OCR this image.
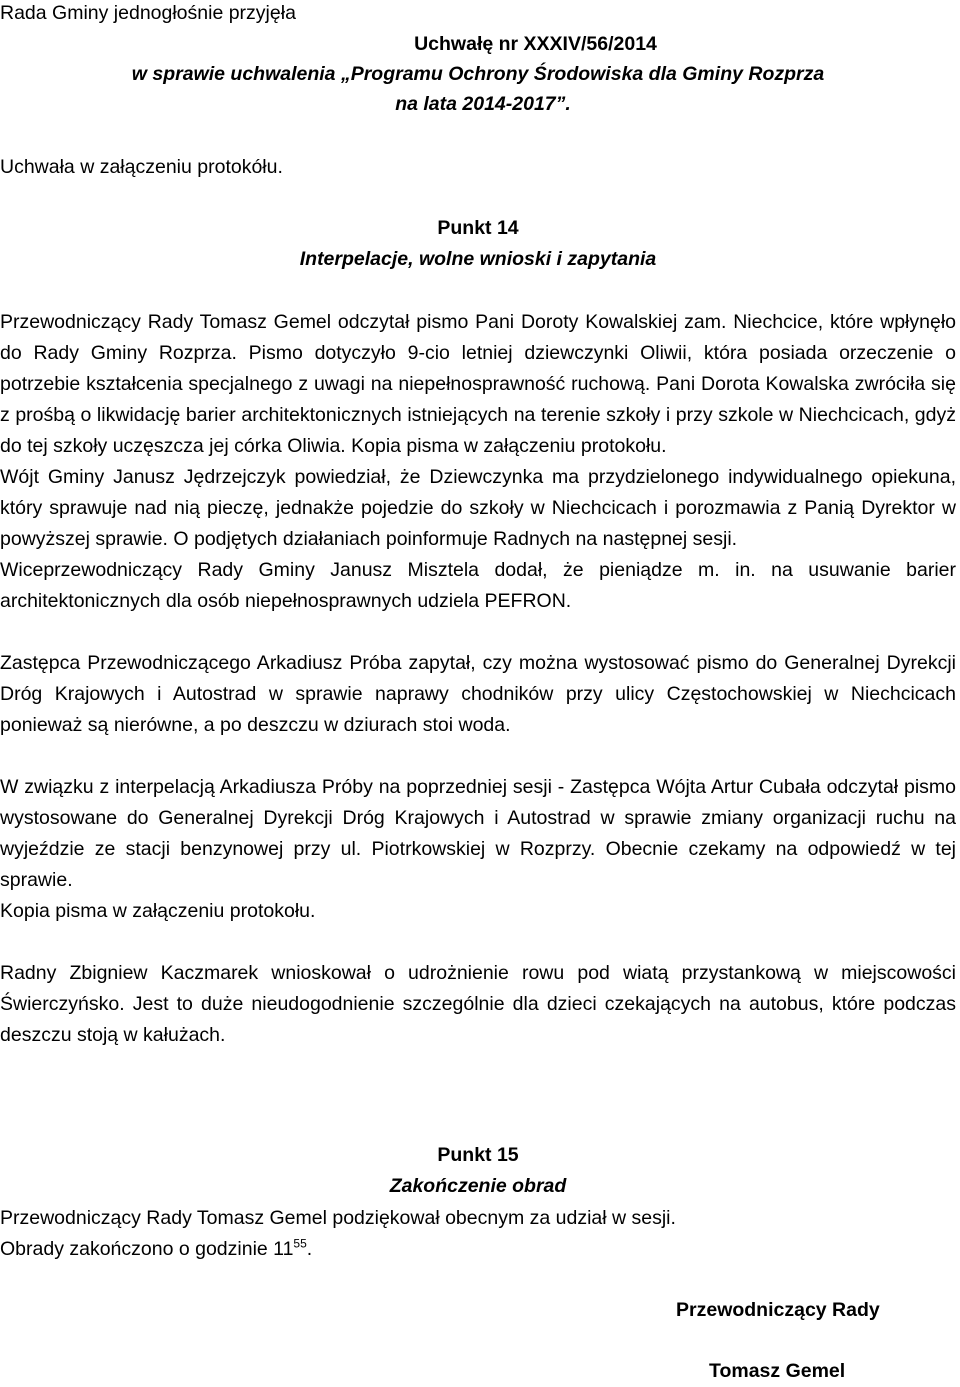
Rada Gminy jednogłośnie przyjęła
Uchwałę nr XXXIV/56/2014
w sprawie uchwalenia „Programu Ochrony Środowiska dla Gminy Rozprza
na lata 2014-2017”.
Uchwała w załączeniu protokółu.
Punkt 14
Interpelacje, wolne wnioski i zapytania

Przewodniczący Rady Tomasz Gemel odczytał pismo Pani Doroty Kowalskiej zam. Niechcice, które wpłynęło do Rady Gminy Rozprza. Pismo dotyczyło 9-cio letniej dziewczynki Oliwii, która posiada orzeczenie o potrzebie kształcenia specjalnego z uwagi na niepełnosprawność ruchową. Pani Dorota Kowalska zwróciła się z prośbą o likwidację barier architektonicznych istniejących na terenie szkoły i przy szkole w Niechcicach, gdyż do tej szkoły uczęszcza jej córka Oliwia. Kopia pisma w załączeniu protokołu.

Wójt Gminy Janusz Jędrzejczyk powiedział, że Dziewczynka ma przydzielonego indywidualnego opiekuna, który sprawuje nad nią pieczę, jednakże pojedzie do szkoły w Niechcicach i porozmawia z Panią Dyrektor w powyższej sprawie. O podjętych działaniach poinformuje Radnych na następnej sesji.

Wiceprzewodniczący Rady Gminy Janusz Misztela dodał, że pieniądze m. in. na usuwanie barier architektonicznych dla osób niepełnosprawnych udziela PEFRON.

Zastępca Przewodniczącego Arkadiusz Próba zapytał, czy można wystosować pismo do Generalnej Dyrekcji Dróg Krajowych i Autostrad w sprawie naprawy chodników przy ulicy Częstochowskiej w Niechcicach ponieważ są nierówne, a po deszczu w dziurach stoi woda.

W związku z interpelacją Arkadiusza Próby na poprzedniej sesji - Zastępca Wójta Artur Cubała odczytał pismo wystosowane do Generalnej Dyrekcji Dróg Krajowych i Autostrad w sprawie zmiany organizacji ruchu na wyjeździe ze stacji benzynowej przy ul. Piotrkowskiej w Rozprzy. Obecnie czekamy na odpowiedź w tej sprawie.

Kopia pisma w załączeniu protokołu.

Radny Zbigniew Kaczmarek wnioskował o udrożnienie rowu pod wiatą przystankową w miejscowości Świerczyńsko. Jest to duże nieudogodnienie szczególnie dla dzieci czekających na autobus, które podczas deszczu stoją w kałużach.

Punkt 15
Zakończenie obrad
Przewodniczący Rady Tomasz Gemel podziękował obecnym za udział w sesji.
Obrady zakończono o godzinie $11^{55}$.
Przewodniczący Rady
Tomasz Gemel
